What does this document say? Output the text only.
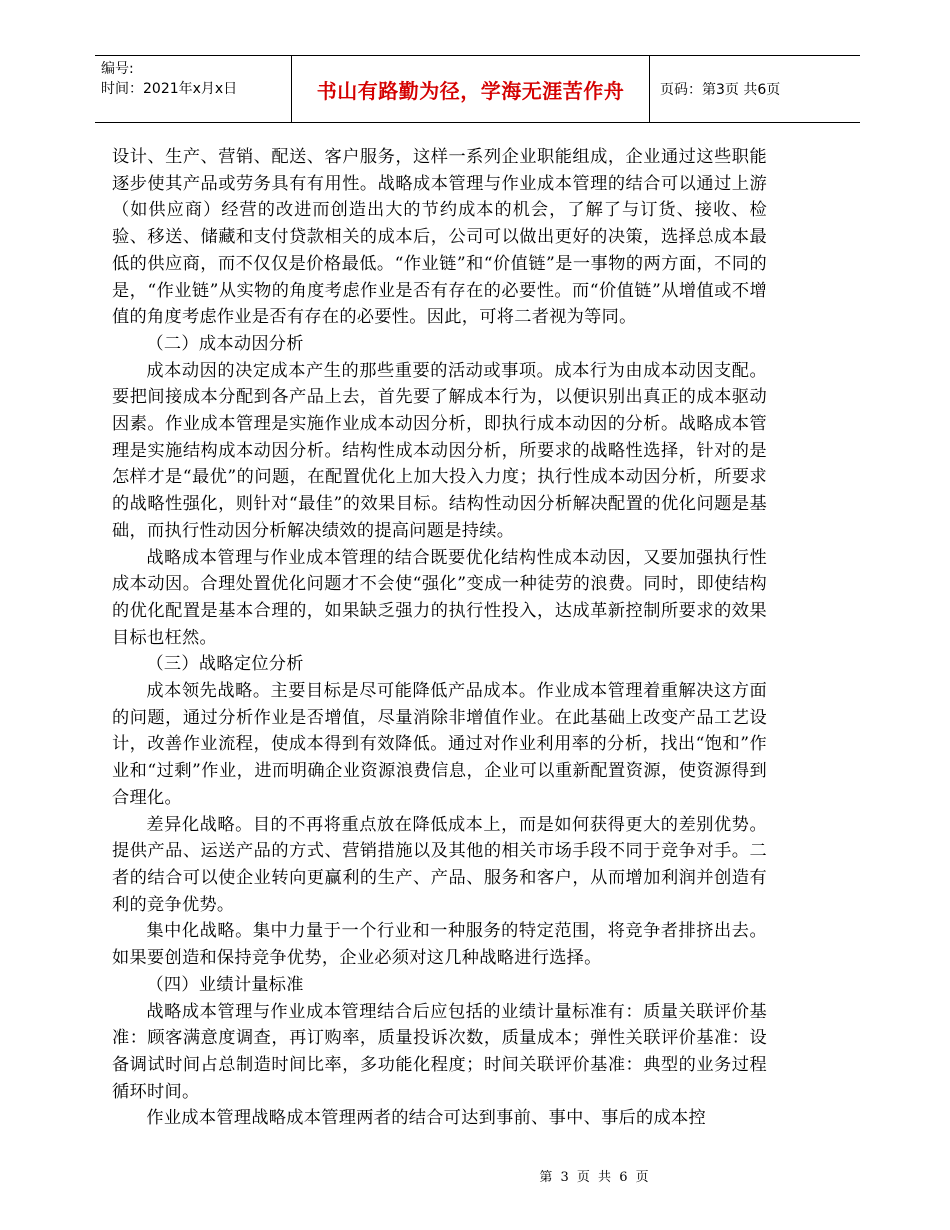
编号:
时间：2021年x月x日	书山有路勤为径，学海无涯苦作舟	页码：第3页 共6页

设计、生产、营销、配送、客户服务，这样一系列企业职能组成，企业通过这些职能逐步使其产品或劳务具有有用性。战略成本管理与作业成本管理的结合可以通过上游（如供应商）经营的改进而创造出大的节约成本的机会，了解了与订货、接收、检验、移送、储藏和支付贷款相关的成本后，公司可以做出更好的决策，选择总成本最低的供应商，而不仅仅是价格最低。“作业链”和“价值链”是一事物的两方面，不同的是，“作业链”从实物的角度考虑作业是否有存在的必要性。而“价值链”从增值或不增值的角度考虑作业是否有存在的必要性。因此，可将二者视为等同。

（二）成本动因分析

成本动因的决定成本产生的那些重要的活动或事项。成本行为由成本动因支配。要把间接成本分配到各产品上去，首先要了解成本行为，以便识别出真正的成本驱动因素。作业成本管理是实施作业成本动因分析，即执行成本动因的分析。战略成本管理是实施结构成本动因分析。结构性成本动因分析，所要求的战略性选择，针对的是怎样才是“最优”的问题，在配置优化上加大投入力度；执行性成本动因分析，所要求的战略性强化，则针对“最佳”的效果目标。结构性动因分析解决配置的优化问题是基础，而执行性动因分析解决绩效的提高问题是持续。

战略成本管理与作业成本管理的结合既要优化结构性成本动因，又要加强执行性成本动因。合理处置优化问题才不会使“强化”变成一种徒劳的浪费。同时，即使结构的优化配置是基本合理的，如果缺乏强力的执行性投入，达成革新控制所要求的效果目标也枉然。

（三）战略定位分析

成本领先战略。主要目标是尽可能降低产品成本。作业成本管理着重解决这方面的问题，通过分析作业是否增值，尽量消除非增值作业。在此基础上改变产品工艺设计，改善作业流程，使成本得到有效降低。通过对作业利用率的分析，找出“饱和”作业和“过剩”作业，进而明确企业资源浪费信息，企业可以重新配置资源，使资源得到合理化。

差异化战略。目的不再将重点放在降低成本上，而是如何获得更大的差别优势。提供产品、运送产品的方式、营销措施以及其他的相关市场手段不同于竞争对手。二者的结合可以使企业转向更赢利的生产、产品、服务和客户，从而增加利润并创造有利的竞争优势。

集中化战略。集中力量于一个行业和一种服务的特定范围，将竞争者排挤出去。如果要创造和保持竞争优势，企业必须对这几种战略进行选择。

（四）业绩计量标准

战略成本管理与作业成本管理结合后应包括的业绩计量标准有：质量关联评价基准：顾客满意度调查，再订购率，质量投诉次数，质量成本；弹性关联评价基准：设备调试时间占总制造时间比率，多功能化程度；时间关联评价基准：典型的业务过程循环时间。

作业成本管理战略成本管理两者的结合可达到事前、事中、事后的成本控

第 3 页 共 6 页
